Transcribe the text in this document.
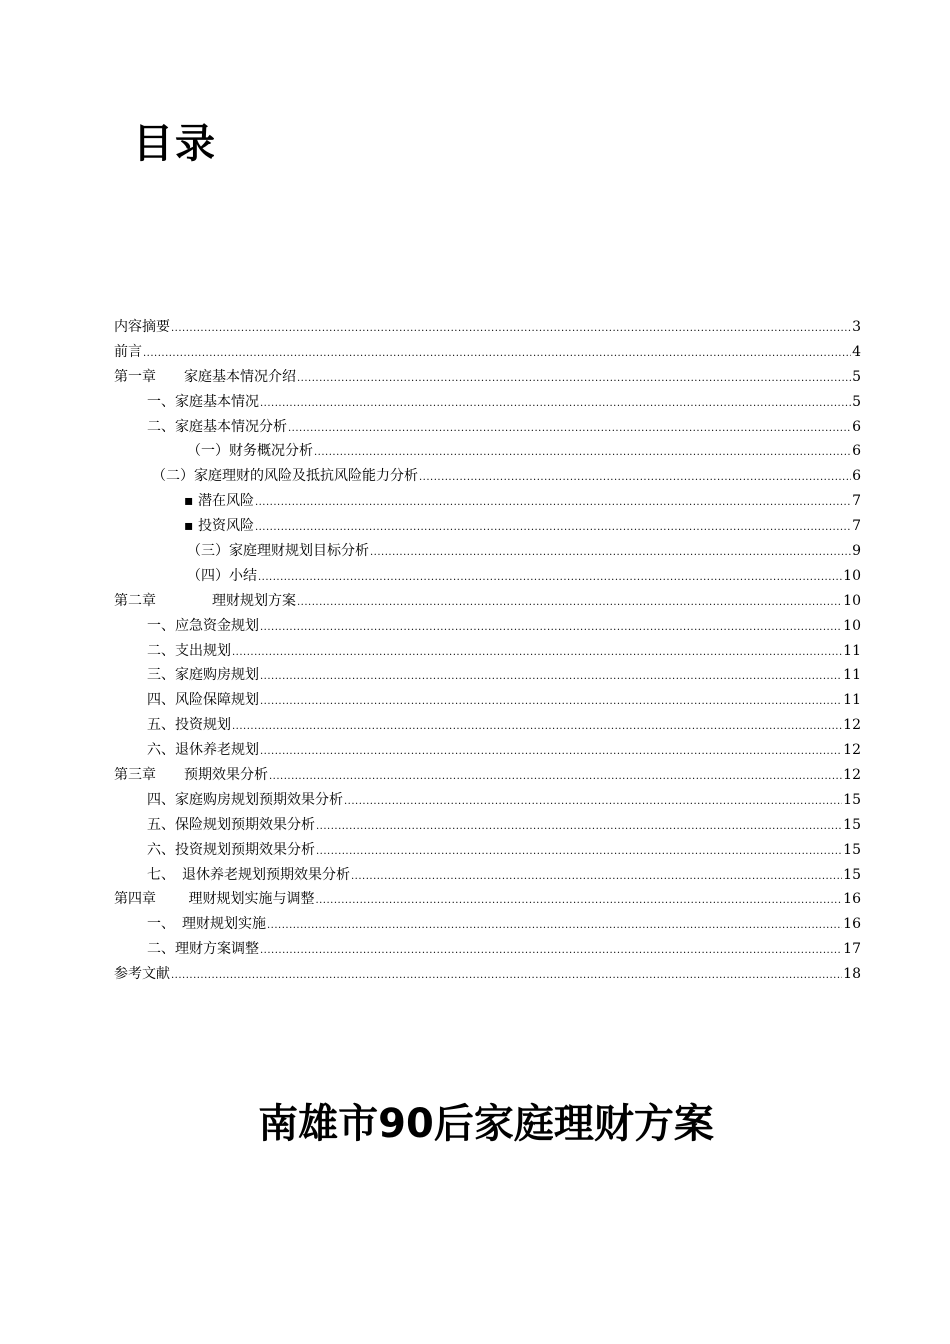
目录
内容摘要 .....	3
前言 .....	4
第一章　　家庭基本情况介绍 .....	5
一、家庭基本情况 .....	5
二、家庭基本情况分析 .....	6
（一）财务概况分析 .....	6
（二）家庭理财的风险及抵抗风险能力分析 .....	6
▪ 潜在风险 .....	7
▪ 投资风险 .....	7
（三）家庭理财规划目标分析 .....	9
（四）小结 .....	10
第二章　　　　理财规划方案 .....	10
一、应急资金规划 .....	10
二、支出规划 .....	11
三、家庭购房规划 .....	11
四、风险保障规划 .....	11
五、投资规划 .....	12
六、退休养老规划 .....	12
第三章　　预期效果分析 .....	12
四、家庭购房规划预期效果分析 .....	15
五、保险规划预期效果分析 .....	15
六、投资规划预期效果分析 .....	15
七、　退休养老规划预期效果分析 .....	15
第四章　　 理财规划实施与调整 .....	16
一、　理财规划实施 .....	16
二、理财方案调整 .....	17
参考文献 .....	18
南雄市90后家庭理财方案
